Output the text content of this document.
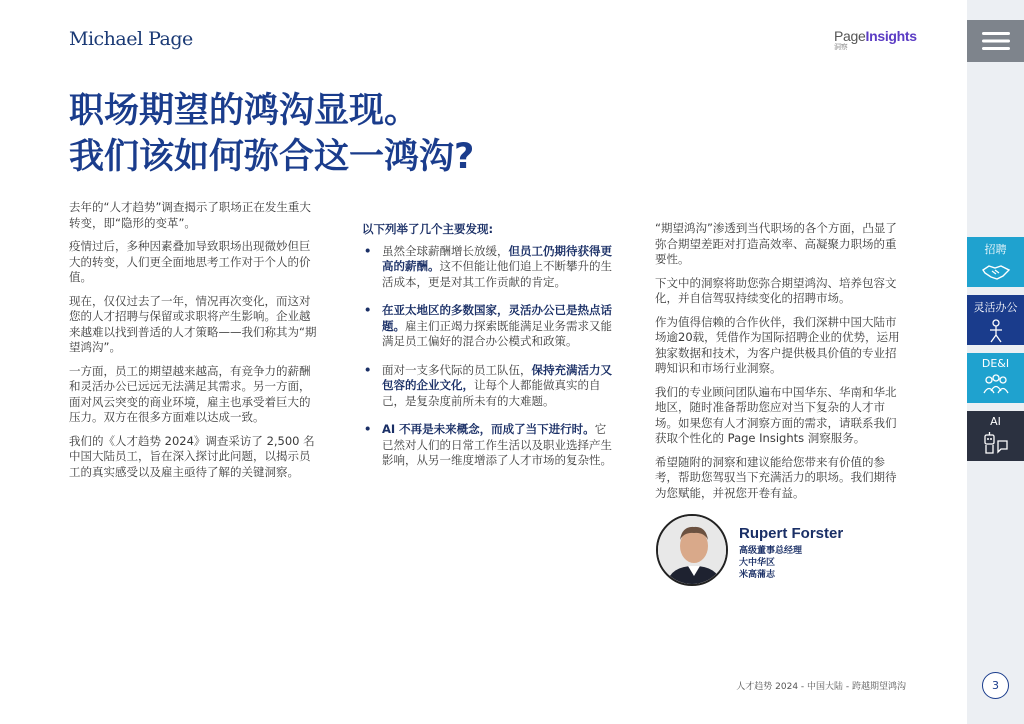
Michael Page	PageInsights
洞察
职场期望的鸿沟显现。
我们该如何弥合这一鸿沟?

去年的“人才趋势”调查揭示了职场正在发生重大转变，即“隐形的变革”。

疫情过后，多种因素叠加导致职场出现微妙但巨大的转变，人们更全面地思考工作对于个人的价值。

现在，仅仅过去了一年，情况再次变化，而这对您的人才招聘与保留或求职将产生影响。企业越来越难以找到普适的人才策略——我们称其为“期望鸿沟”。

一方面，员工的期望越来越高，有竞争力的薪酬和灵活办公已远远无法满足其需求。另一方面，面对风云突变的商业环境，雇主也承受着巨大的压力。双方在很多方面难以达成一致。

我们的《人才趋势 2024》调查采访了 2,500 名中国大陆员工，旨在深入探讨此问题，以揭示员工的真实感受以及雇主亟待了解的关键洞察。

以下列举了几个主要发现:
• 虽然全球薪酬增长放缓，但员工仍期待获得更高的薪酬。这不但能让他们追上不断攀升的生活成本，更是对其工作贡献的肯定。
• 在亚太地区的多数国家，灵活办公已是热点话题。雇主们正竭力探索既能满足业务需求又能满足员工偏好的混合办公模式和政策。
• 面对一支多代际的员工队伍，保持充满活力又包容的企业文化，让每个人都能做真实的自己，是复杂度前所未有的大难题。
• AI 不再是未来概念，而成了当下进行时。它已然对人们的日常工作生活以及职业选择产生影响，从另一维度增添了人才市场的复杂性。

“期望鸿沟”渗透到当代职场的各个方面，凸显了弥合期望差距对打造高效率、高凝聚力职场的重要性。

下文中的洞察将助您弥合期望鸿沟、培养包容文化，并自信驾驭持续变化的招聘市场。

作为值得信赖的合作伙伴，我们深耕中国大陆市场逾20载，凭借作为国际招聘企业的优势，运用独家数据和技术，为客户提供极具价值的专业招聘知识和市场行业洞察。

我们的专业顾问团队遍布中国华东、华南和华北地区，随时准备帮助您应对当下复杂的人才市场。如果您有人才洞察方面的需求，请联系我们获取个性化的 Page Insights 洞察服务。

希望随附的洞察和建议能给您带来有价值的参考，帮助您驾驭当下充满活力的职场。我们期待为您赋能，并祝您开卷有益。

Rupert Forster
高级董事总经理
大中华区
米高蒲志
人才趋势 2024 - 中国大陆 - 跨越期望鸿沟
招聘
灵活办公
DE&I
AI
3
